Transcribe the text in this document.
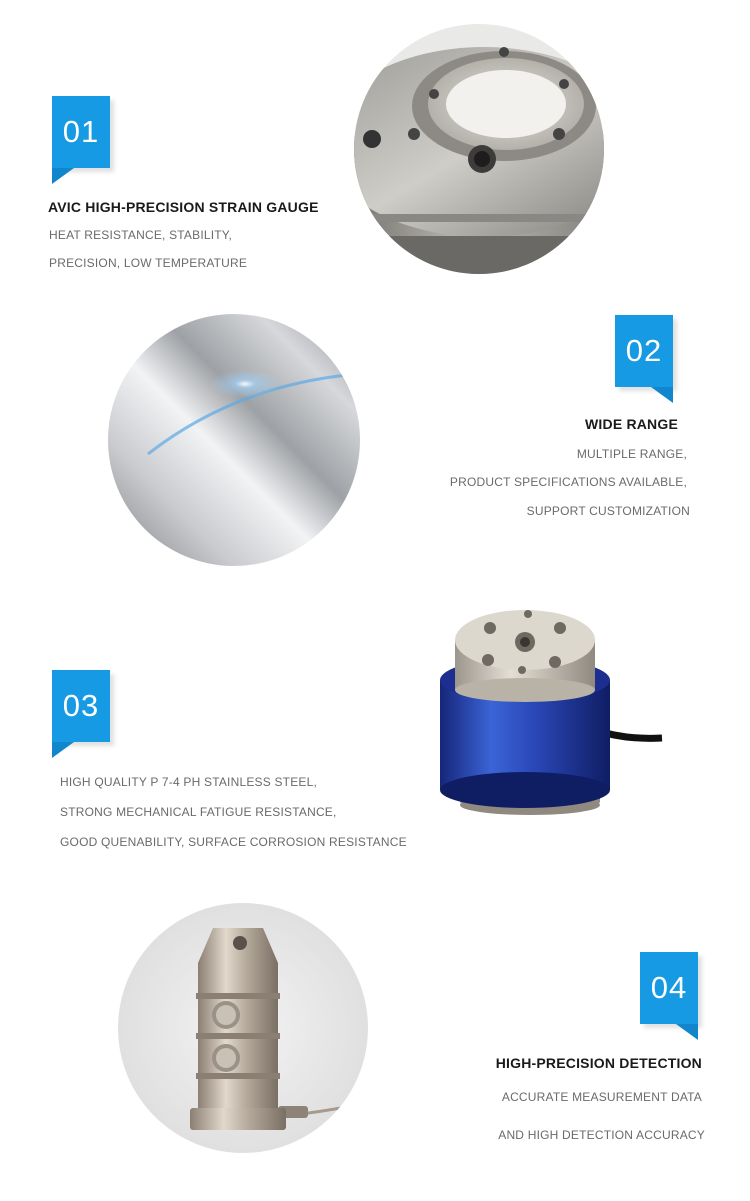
01
AVIC HIGH-PRECISION STRAIN GAUGE
HEAT RESISTANCE, STABILITY,
PRECISION, LOW TEMPERATURE
02
WIDE RANGE
MULTIPLE RANGE,
PRODUCT SPECIFICATIONS AVAILABLE,
SUPPORT CUSTOMIZATION
03
HIGH QUALITY P 7-4 PH STAINLESS STEEL,
STRONG MECHANICAL FATIGUE RESISTANCE,
GOOD QUENABILITY, SURFACE CORROSION RESISTANCE
04
HIGH-PRECISION DETECTION
ACCURATE MEASUREMENT DATA
AND HIGH DETECTION ACCURACY
